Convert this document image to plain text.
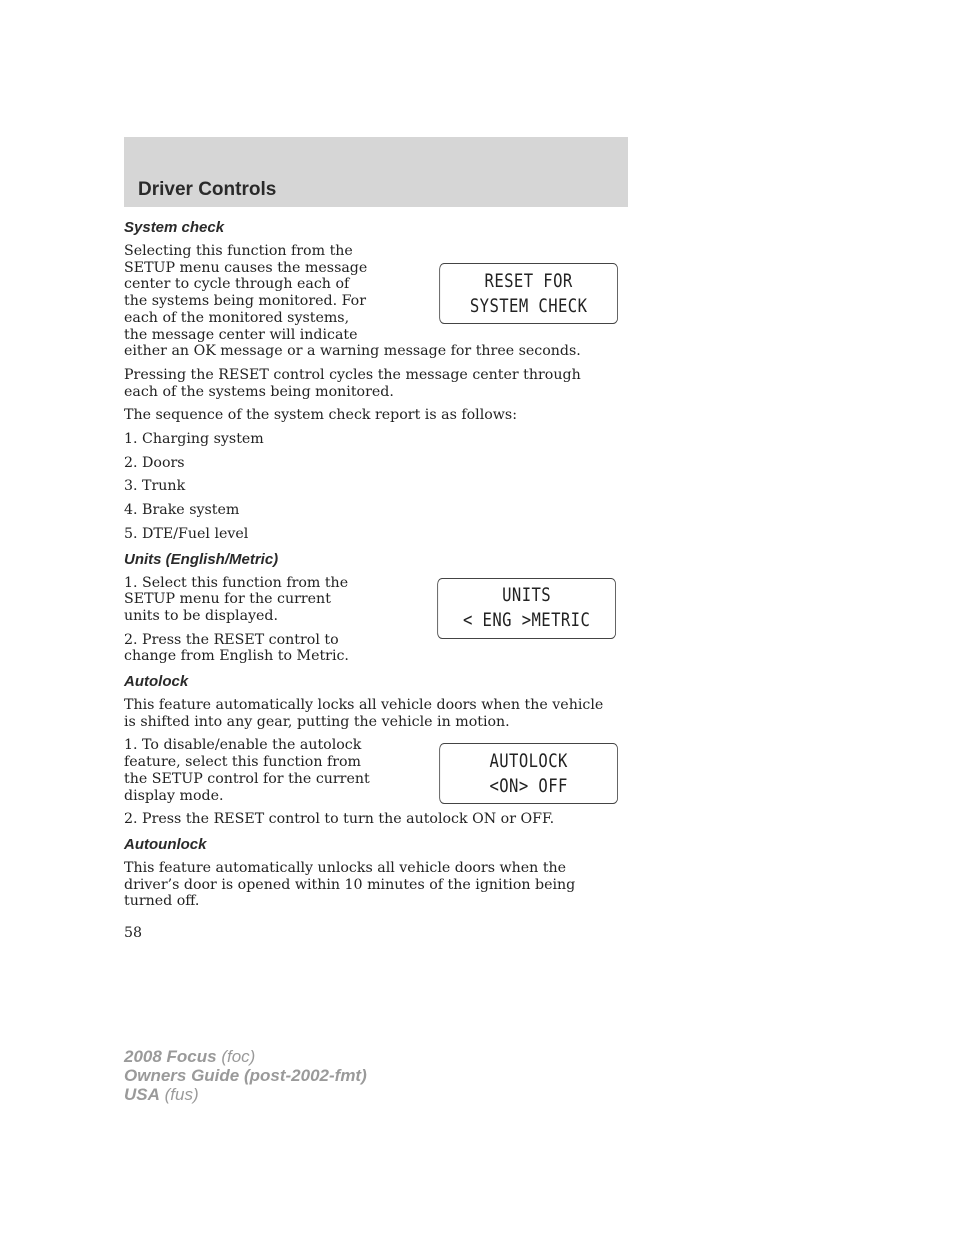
Driver Controls
System check
RESET FOR
SYSTEM CHECK

Selecting this function from the SETUP menu causes the message center to cycle through each of the systems being monitored. For each of the monitored systems, the message center will indicate either an OK message or a warning message for three seconds.

Pressing the RESET control cycles the message center through each of the systems being monitored.

The sequence of the system check report is as follows:

1. Charging system
2. Doors
3. Trunk
4. Brake system
5. DTE/Fuel level
Units (English/Metric)
UNITS
< ENG >METRIC

1. Select this function from the SETUP menu for the current units to be displayed.

2. Press the RESET control to change from English to Metric.

Autolock

This feature automatically locks all vehicle doors when the vehicle is shifted into any gear, putting the vehicle in motion.

AUTOLOCK
<ON> OFF

1. To disable/enable the autolock feature, select this function from the SETUP control for the current display mode.

2. Press the RESET control to turn the autolock ON or OFF.

Autounlock

This feature automatically unlocks all vehicle doors when the driver’s door is opened within 10 minutes of the ignition being turned off.

58
2008 Focus (foc)
Owners Guide (post-2002-fmt)
USA (fus)
